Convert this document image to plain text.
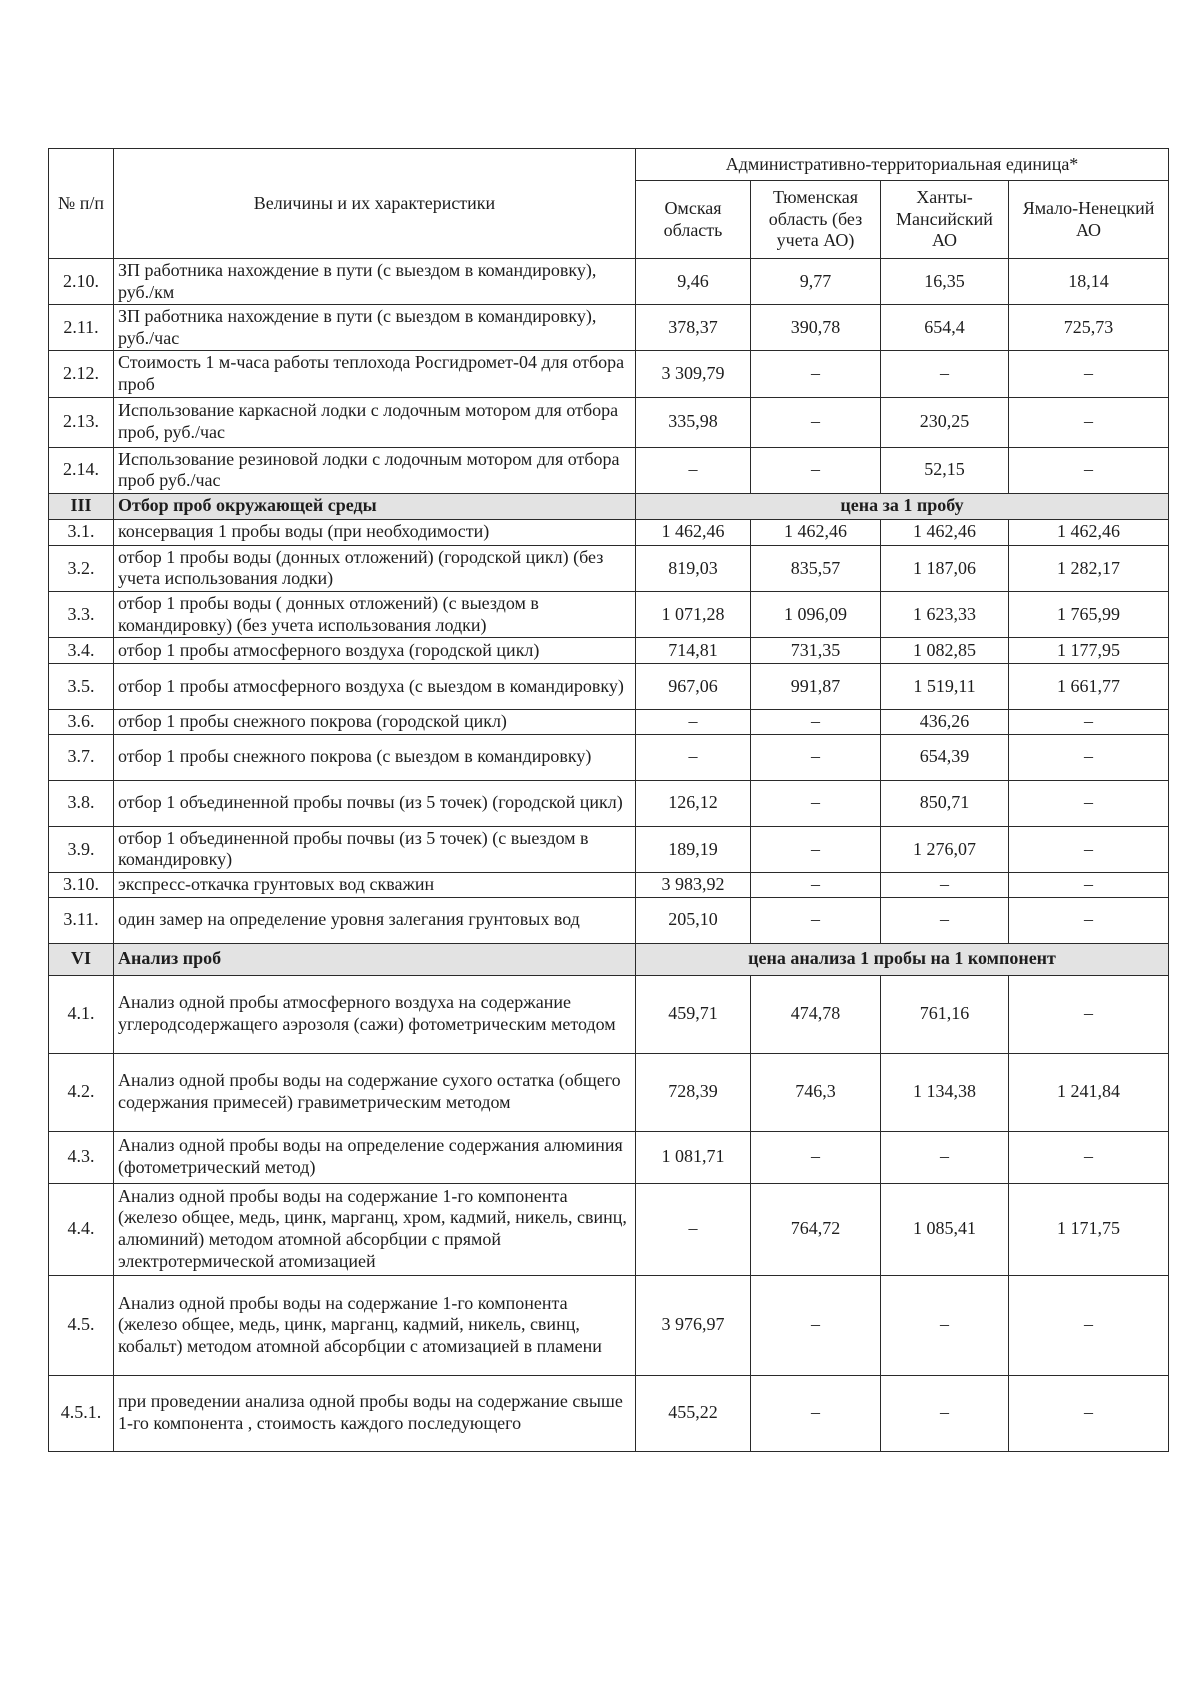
№ п/п	Величины и их характеристики	Административно-территориальная единица*			
		Омская область	Тюменская область (без учета АО)	Ханты-Мансийский АО	Ямало-Ненецкий АО
2.10.	ЗП работника нахождение в пути (с выездом в командировку), руб./км	9,46	9,77	16,35	18,14
2.11.	ЗП работника нахождение в пути (с выездом в командировку), руб./час	378,37	390,78	654,4	725,73
2.12.	Стоимость 1 м-часа работы теплохода Росгидромет-04 для отбора проб	3 309,79	–	–	–
2.13.	Использование каркасной лодки с лодочным мотором для отбора проб, руб./час	335,98	–	230,25	–
2.14.	Использование резиновой лодки с лодочным мотором для отбора проб руб./час	–	–	52,15	–
III	Отбор проб окружающей среды	цена за 1 пробу			
3.1.	консервация 1 пробы воды (при необходимости)	1 462,46	1 462,46	1 462,46	1 462,46
3.2.	отбор 1 пробы воды (донных отложений) (городской цикл) (без учета использования лодки)	819,03	835,57	1 187,06	1 282,17
3.3.	отбор 1 пробы воды ( донных отложений) (с выездом в командировку) (без учета использования лодки)	1 071,28	1 096,09	1 623,33	1 765,99
3.4.	отбор 1 пробы атмосферного воздуха (городской цикл)	714,81	731,35	1 082,85	1 177,95
3.5.	отбор 1 пробы атмосферного воздуха (с выездом в командировку)	967,06	991,87	1 519,11	1 661,77
3.6.	отбор 1 пробы снежного покрова (городской цикл)	–	–	436,26	–
3.7.	отбор 1 пробы снежного покрова (с выездом в командировку)	–	–	654,39	–
3.8.	отбор 1 объединенной пробы почвы (из 5 точек) (городской цикл)	126,12	–	850,71	–
3.9.	отбор 1 объединенной пробы почвы (из 5 точек) (с выездом в командировку)	189,19	–	1 276,07	–
3.10.	экспресс-откачка грунтовых вод скважин	3 983,92	–	–	–
3.11.	один замер на определение уровня залегания грунтовых вод	205,10	–	–	–
VI	Анализ проб	цена анализа 1 пробы на 1 компонент			
4.1.	Анализ одной пробы атмосферного воздуха на содержание углеродсодержащего аэрозоля (сажи) фотометрическим методом	459,71	474,78	761,16	–
4.2.	Анализ одной пробы воды на содержание сухого остатка (общего содержания примесей) гравиметрическим методом	728,39	746,3	1 134,38	1 241,84
4.3.	Анализ одной пробы воды на определение содержания алюминия (фотометрический метод)	1 081,71	–	–	–
4.4.	Анализ одной пробы воды на содержание 1-го компонента (железо общее, медь, цинк, марганц, хром, кадмий, никель, свинц, алюминий) методом атомной абсорбции с прямой электротермической атомизацией	–	764,72	1 085,41	1 171,75
4.5.	Анализ одной пробы воды на содержание 1-го компонента (железо общее, медь, цинк, марганц, кадмий, никель, свинц, кобальт) методом атомной абсорбции с атомизацией в пламени	3 976,97	–	–	–
4.5.1.	при проведении анализа одной пробы воды на содержание свыше 1-го компонента , стоимость каждого последующего	455,22	–	–	–
